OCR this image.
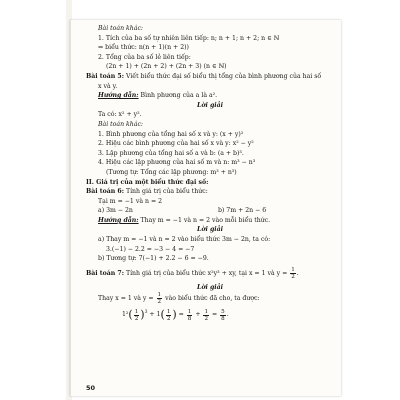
Bài toán khác:
1. Tích của ba số tự nhiên liên tiếp: n; n + 1; n + 2; n ∈ ℕ
⇒ biểu thức: n(n + 1)(n + 2))
2. Tổng của ba số lẻ liên tiếp:
(2n + 1) + (2n + 2) + (2n + 3) (n ∈ ℕ)
Bài toán 5: Viết biểu thức đại số biểu thị tổng của bình phương của hai số
x và y.
Hướng dẫn: Bình phương của a là a².
Lời giải
Ta có: x² + y².
Bài toán khác:
1. Bình phương của tổng hai số x và y: (x + y)²
2. Hiệu các bình phương của hai số x và y: x² − y²
3. Lập phương của tổng hai số a và b: (a + b)³.
4. Hiệu các lập phương của hai số m và n: m³ − n³
(Tương tự: Tổng các lập phương: m³ + n³)
II. Giá trị của một biểu thức đại số:
Bài toán 6: Tính giá trị của biểu thức:
Tại m = −1 và n = 2
a) 3m − 2n	b) 7m + 2n − 6
Hướng dẫn: Thay m = −1 và n = 2 vào mỗi biểu thức.
Lời giải
a) Thay m = −1 và n = 2 vào biểu thức 3m − 2n, ta có:
3.(−1) − 2.2 = −3 − 4 = −7
b) Tương tự: 7(−1) + 2.2 − 6 = −9.
Bài toán 7: Tính giá trị của biểu thức x²y³ + xy, tại x = 1 và $y = \frac{1}{2}$ .
Lời giải
Thay x = 1 và $y = \frac{1}{2}$ vào biểu thức đã cho, ta được:
$1^2( \frac{1}{2} )^3 + 1( \frac{1}{2}$ ) = $\frac{1}{8} + \frac{1}{2} = \frac{5}{8}$ .
50
